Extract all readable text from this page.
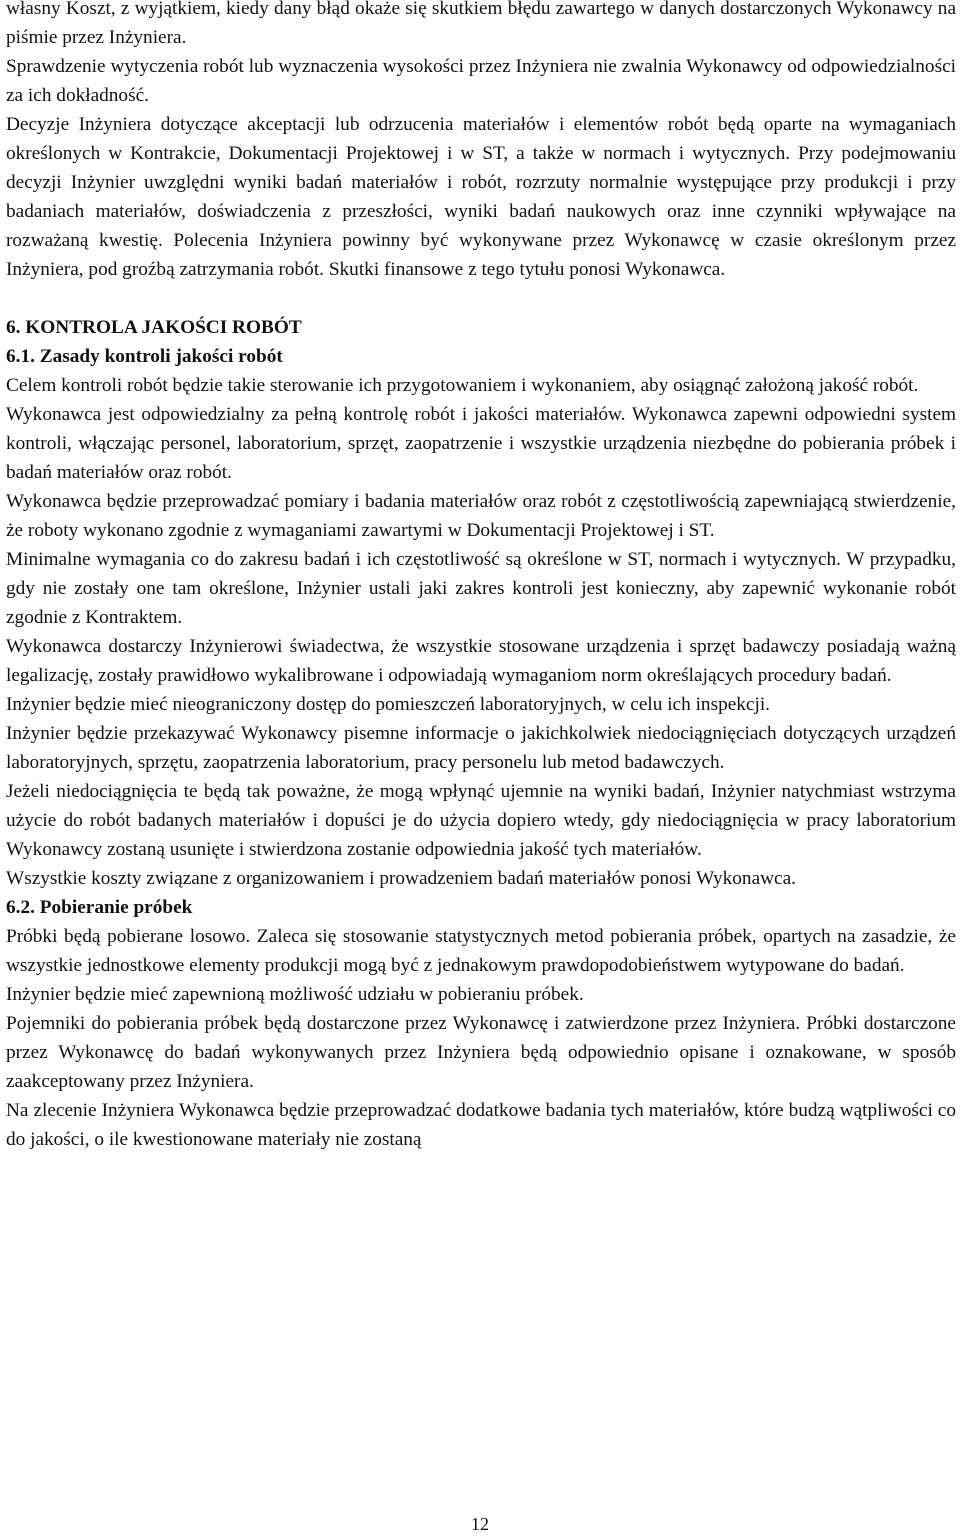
własny Koszt, z wyjątkiem, kiedy dany błąd okaże się skutkiem błędu zawartego w danych dostarczonych Wykonawcy na piśmie przez Inżyniera.

Sprawdzenie wytyczenia robót lub wyznaczenia wysokości przez Inżyniera nie zwalnia Wykonawcy od odpowiedzialności za ich dokładność.

Decyzje Inżyniera dotyczące akceptacji lub odrzucenia materiałów i elementów robót będą oparte na wymaganiach określonych w Kontrakcie, Dokumentacji Projektowej i w ST, a także w normach i wytycznych. Przy podejmowaniu decyzji Inżynier uwzględni wyniki badań materiałów i robót, rozrzuty normalnie występujące przy produkcji i przy badaniach materiałów, doświadczenia z przeszłości, wyniki badań naukowych oraz inne czynniki wpływające na rozważaną kwestię. Polecenia Inżyniera powinny być wykonywane przez Wykonawcę w czasie określonym przez Inżyniera, pod groźbą zatrzymania robót. Skutki finansowe z tego tytułu ponosi Wykonawca.

6. KONTROLA JAKOŚCI ROBÓT
6.1. Zasady kontroli jakości robót

Celem kontroli robót będzie takie sterowanie ich przygotowaniem i wykonaniem, aby osiągnąć założoną jakość robót.

Wykonawca jest odpowiedzialny za pełną kontrolę robót i jakości materiałów. Wykonawca zapewni odpowiedni system kontroli, włączając personel, laboratorium, sprzęt, zaopatrzenie i wszystkie urządzenia niezbędne do pobierania próbek i badań materiałów oraz robót.

Wykonawca będzie przeprowadzać pomiary i badania materiałów oraz robót z częstotliwością zapewniającą stwierdzenie, że roboty wykonano zgodnie z wymaganiami zawartymi w Dokumentacji Projektowej i ST.

Minimalne wymagania co do zakresu badań i ich częstotliwość są określone w ST, normach i wytycznych. W przypadku, gdy nie zostały one tam określone, Inżynier ustali jaki zakres kontroli jest konieczny, aby zapewnić wykonanie robót zgodnie z Kontraktem.

Wykonawca dostarczy Inżynierowi świadectwa, że wszystkie stosowane urządzenia i sprzęt badawczy posiadają ważną legalizację, zostały prawidłowo wykalibrowane i odpowiadają wymaganiom norm określających procedury badań.

Inżynier będzie mieć nieograniczony dostęp do pomieszczeń laboratoryjnych, w celu ich inspekcji.

Inżynier będzie przekazywać Wykonawcy pisemne informacje o jakichkolwiek niedociągnięciach dotyczących urządzeń laboratoryjnych, sprzętu, zaopatrzenia laboratorium, pracy personelu lub metod badawczych.

Jeżeli niedociągnięcia te będą tak poważne, że mogą wpłynąć ujemnie na wyniki badań, Inżynier natychmiast wstrzyma użycie do robót badanych materiałów i dopuści je do użycia dopiero wtedy, gdy niedociągnięcia w pracy laboratorium Wykonawcy zostaną usunięte i stwierdzona zostanie odpowiednia jakość tych materiałów.

Wszystkie koszty związane z organizowaniem i prowadzeniem badań materiałów ponosi Wykonawca.

6.2. Pobieranie próbek

Próbki będą pobierane losowo. Zaleca się stosowanie statystycznych metod pobierania próbek, opartych na zasadzie, że wszystkie jednostkowe elementy produkcji mogą być z jednakowym prawdopodobieństwem wytypowane do badań.

Inżynier będzie mieć zapewnioną możliwość udziału w pobieraniu próbek.

Pojemniki do pobierania próbek będą dostarczone przez Wykonawcę i zatwierdzone przez Inżyniera. Próbki dostarczone przez Wykonawcę do badań wykonywanych przez Inżyniera będą odpowiednio opisane i oznakowane, w sposób zaakceptowany przez Inżyniera.

Na zlecenie Inżyniera Wykonawca będzie przeprowadzać dodatkowe badania tych materiałów, które budzą wątpliwości co do jakości, o ile kwestionowane materiały nie zostaną

12
